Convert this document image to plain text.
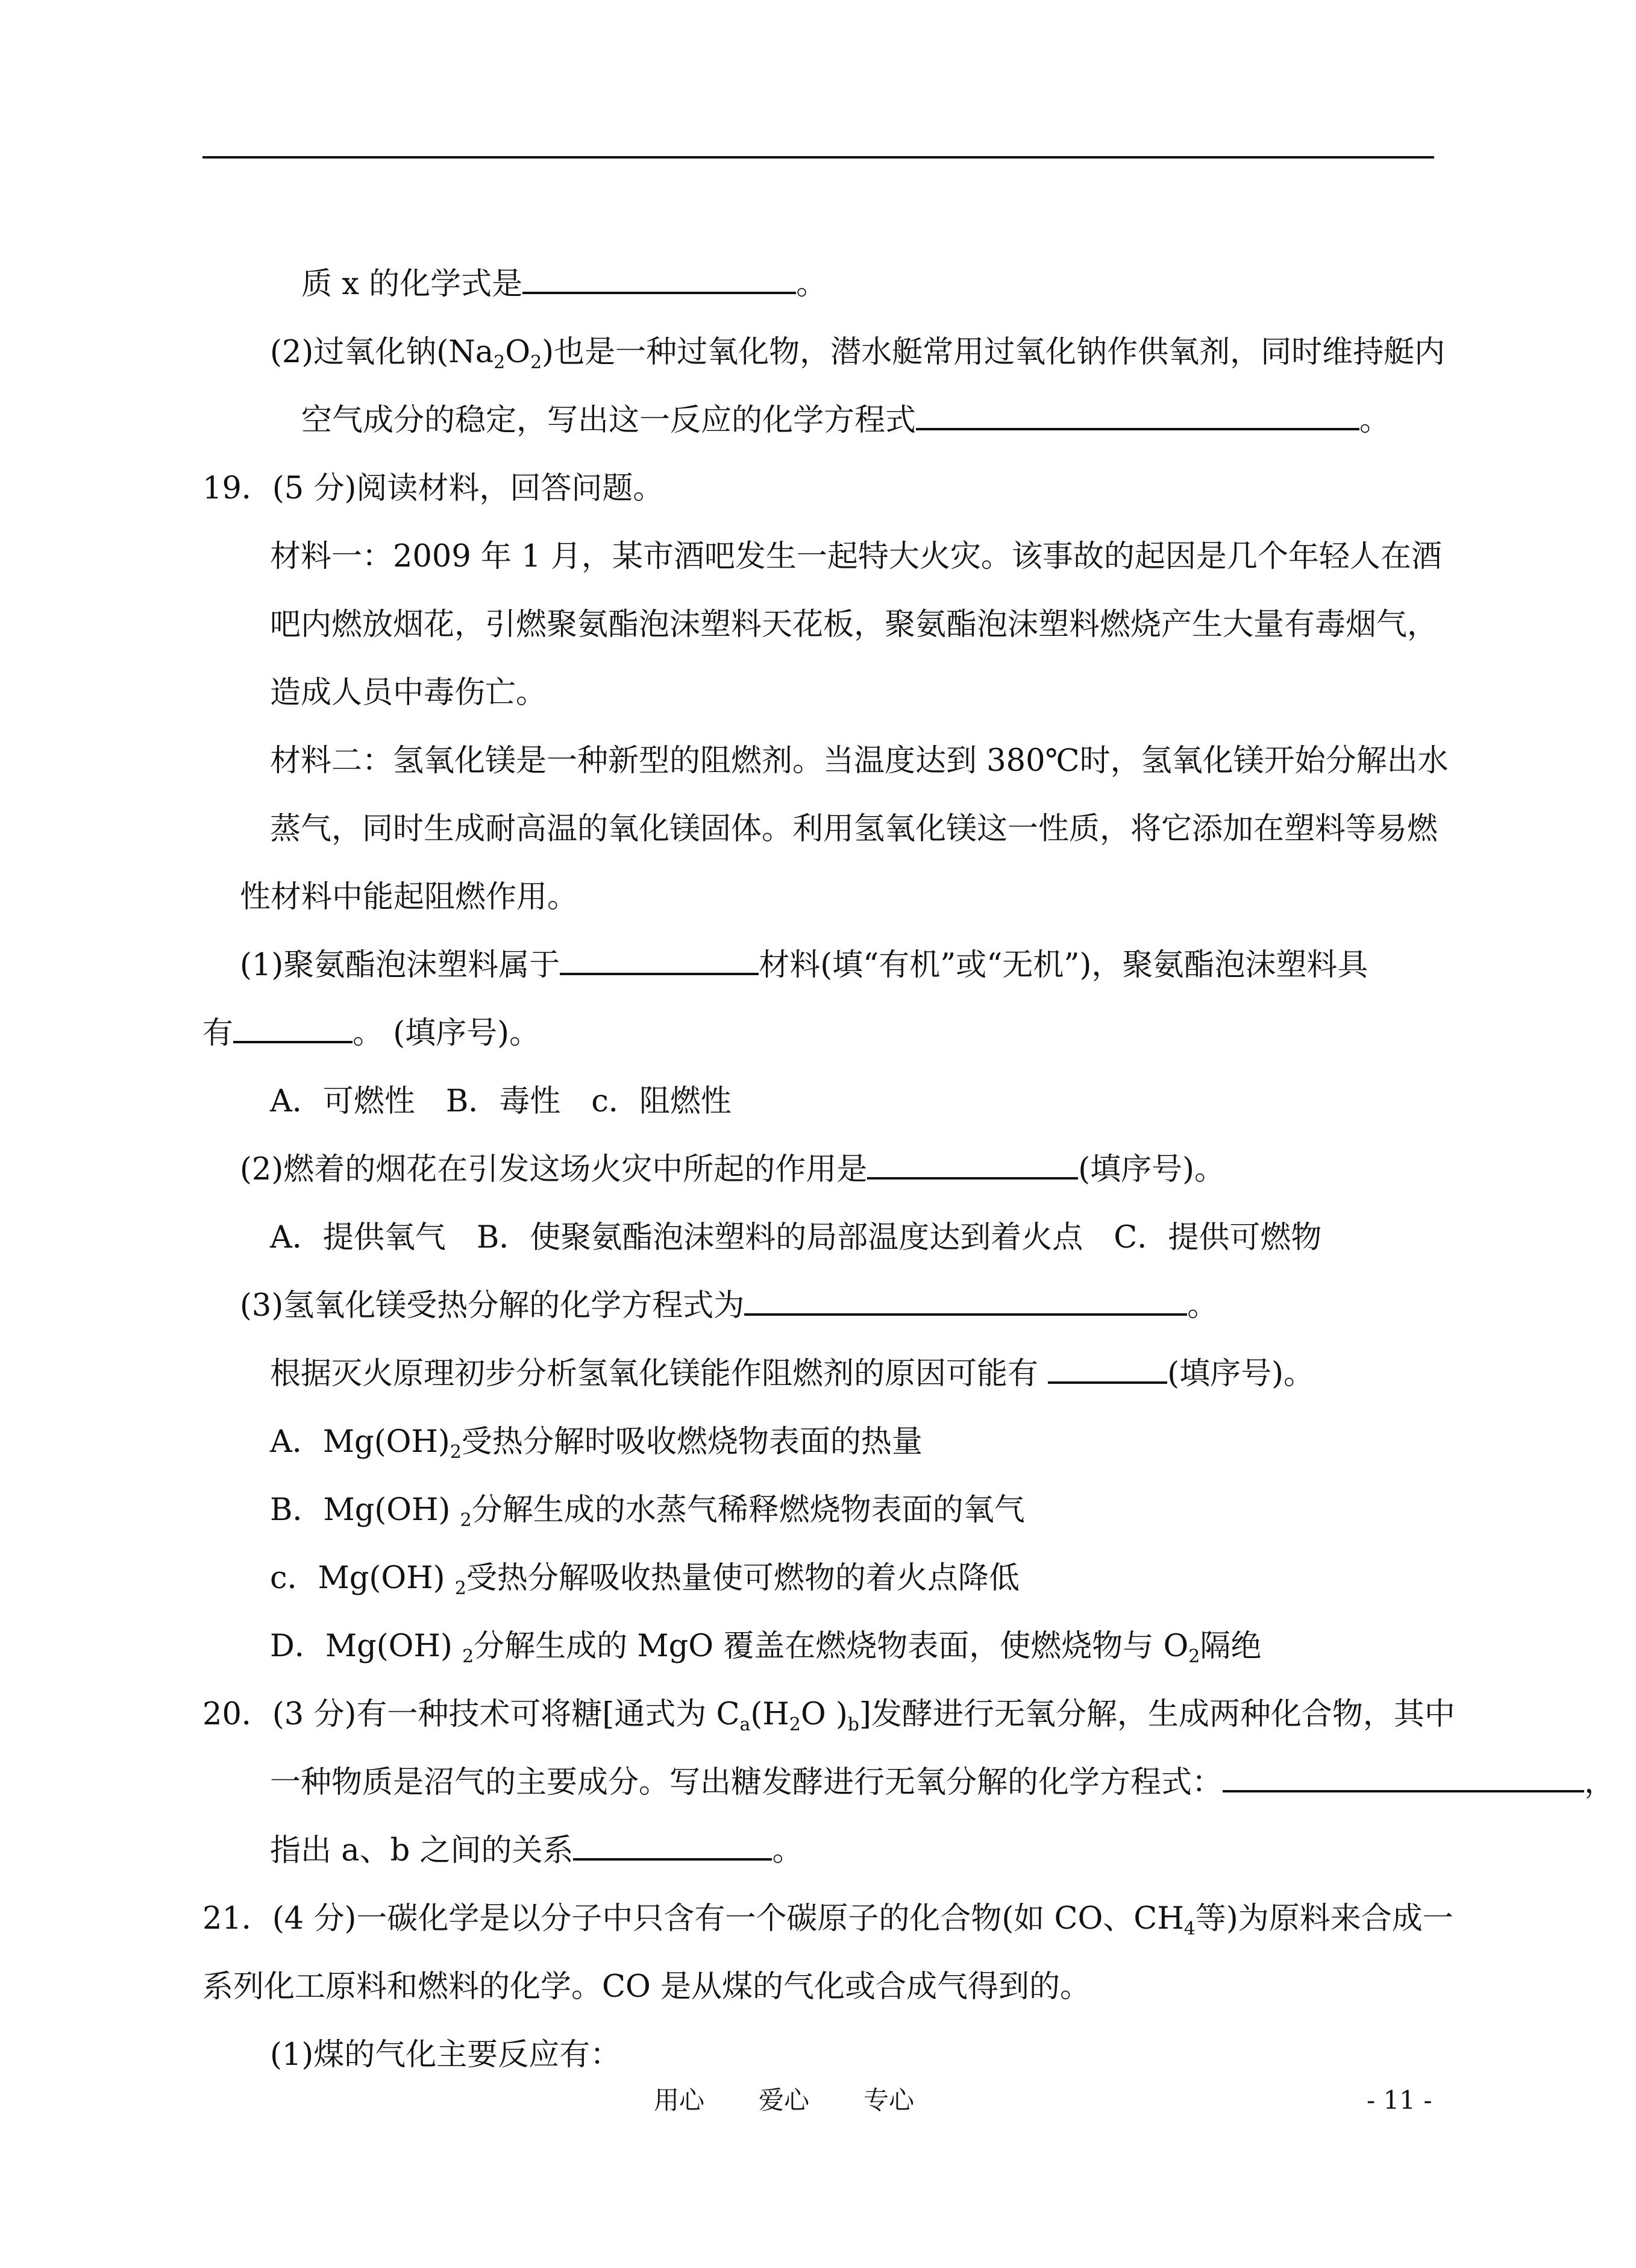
质 x 的化学式是	。
(2)过氧化钠$(Na_2O_2)$也是一种过氧化物，潜水艇常用过氧化钠作供氧剂，同时维持艇内
空气成分的稳定，写出这一反应的化学方程式	。
19．(5 分)阅读材料，回答问题。
材料一：2009 年 1 月，某市酒吧发生一起特大火灾。该事故的起因是几个年轻人在酒
吧内燃放烟花，引燃聚氨酯泡沫塑料天花板，聚氨酯泡沫塑料燃烧产生大量有毒烟气，
造成人员中毒伤亡。
材料二：氢氧化镁是一种新型的阻燃剂。当温度达到 380℃时，氢氧化镁开始分解出水
蒸气，同时生成耐高温的氧化镁固体。利用氢氧化镁这一性质，将它添加在塑料等易燃
性材料中能起阻燃作用。
(1)聚氨酯泡沫塑料属于	材料(填“有机”或“无机”)，聚氨酯泡沫塑料具
有	。 (填序号)。
A．可燃性　B．毒性　c．阻燃性
(2)燃着的烟花在引发这场火灾中所起的作用是	(填序号)。
A．提供氧气　B．使聚氨酯泡沫塑料的局部温度达到着火点　C．提供可燃物
(3)氢氧化镁受热分解的化学方程式为	。
根据灭火原理初步分析氢氧化镁能作阻燃剂的原因可能有	(填序号)。
A．$Mg(OH)_2$受热分解时吸收燃烧物表面的热量
B．Mg(OH) $_2$分解生成的水蒸气稀释燃烧物表面的氧气
c．Mg(OH) $_2$受热分解吸收热量使可燃物的着火点降低
D．Mg(OH) $_2$分解生成的 MgO 覆盖在燃烧物表面，使燃烧物与 $O_2$隔绝
20．(3 分)有一种技术可将糖[通式为 $C_a(H_2O$ )$_b$]发酵进行无氧分解，生成两种化合物，其中
一种物质是沼气的主要成分。写出糖发酵进行无氧分解的化学方程式：	，
指出 a、b 之间的关系	。
21．(4 分)一碳化学是以分子中只含有一个碳原子的化合物(如 CO、$CH_4$等)为原料来合成一
系列化工原料和燃料的化学。CO 是从煤的气化或合成气得到的。
(1)煤的气化主要反应有：
用心 爱心 专心	- 11 -
